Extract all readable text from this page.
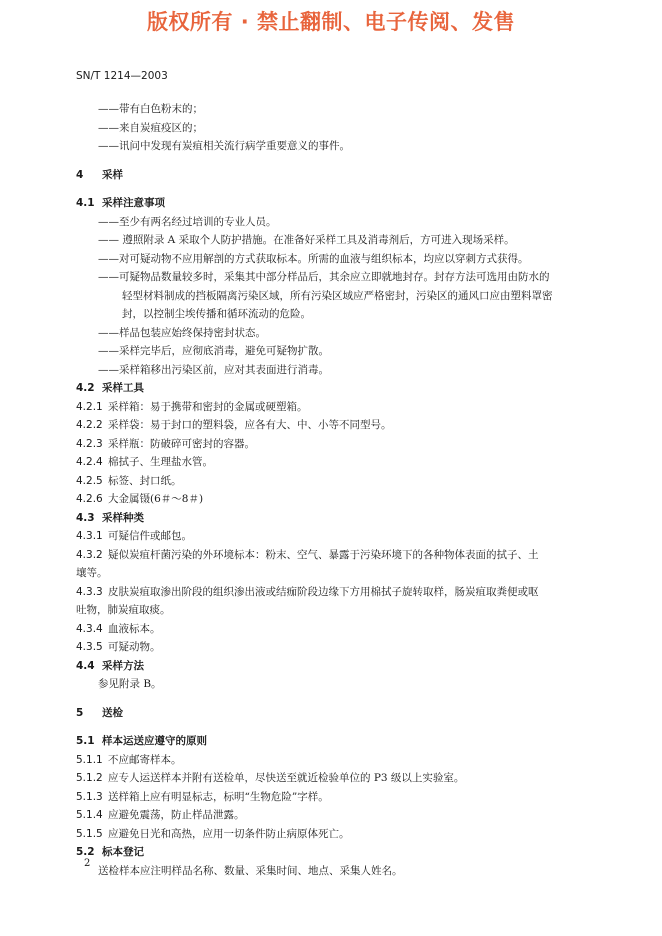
版权所有 · 禁止翻制、电子传阅、发售
SN/T 1214—2003
——带有白色粉末的；
——来自炭疽疫区的；
——讯问中发现有炭疽相关流行病学重要意义的事件。
4 采样
4.1 采样注意事项
——至少有两名经过培训的专业人员。
—— 遵照附录 A 采取个人防护措施。在准备好采样工具及消毒剂后，方可进入现场采样。
——对可疑动物不应用解剖的方式获取标本。所需的血液与组织标本，均应以穿刺方式获得。
——可疑物品数量较多时，采集其中部分样品后，其余应立即就地封存。封存方法可选用由防水的
轻型材料制成的挡板隔离污染区域，所有污染区域应严格密封，污染区的通风口应由塑料罩密
封，以控制尘埃传播和循环流动的危险。
——样品包装应始终保持密封状态。
——采样完毕后，应彻底消毒，避免可疑物扩散。
——采样箱移出污染区前，应对其表面进行消毒。
4.2 采样工具
4.2.1 采样箱：易于携带和密封的金属或硬塑箱。
4.2.2 采样袋：易于封口的塑料袋，应各有大、中、小等不同型号。
4.2.3 采样瓶：防破碎可密封的容器。
4.2.4 棉拭子、生理盐水管。
4.2.5 标签、封口纸。
4.2.6 大金属镊(6＃～8＃)
4.3 采样种类
4.3.1 可疑信件或邮包。
4.3.2 疑似炭疽杆菌污染的外环境标本：粉末、空气、暴露于污染环境下的各种物体表面的拭子、土
壤等。
4.3.3 皮肤炭疽取渗出阶段的组织渗出液或结痂阶段边缘下方用棉拭子旋转取样，肠炭疽取粪便或呕
吐物，肺炭疽取痰。
4.3.4 血液标本。
4.3.5 可疑动物。
4.4 采样方法
参见附录 B。
5 送检
5.1 样本运送应遵守的原则
5.1.1 不应邮寄样本。
5.1.2 应专人运送样本并附有送检单，尽快送至就近检验单位的 P3 级以上实验室。
5.1.3 送样箱上应有明显标志，标明“生物危险”字样。
5.1.4 应避免震荡，防止样品泄露。
5.1.5 应避免日光和高热，应用一切条件防止病原体死亡。
5.2 标本登记
送检样本应注明样品名称、数量、采集时间、地点、采集人姓名。
2
